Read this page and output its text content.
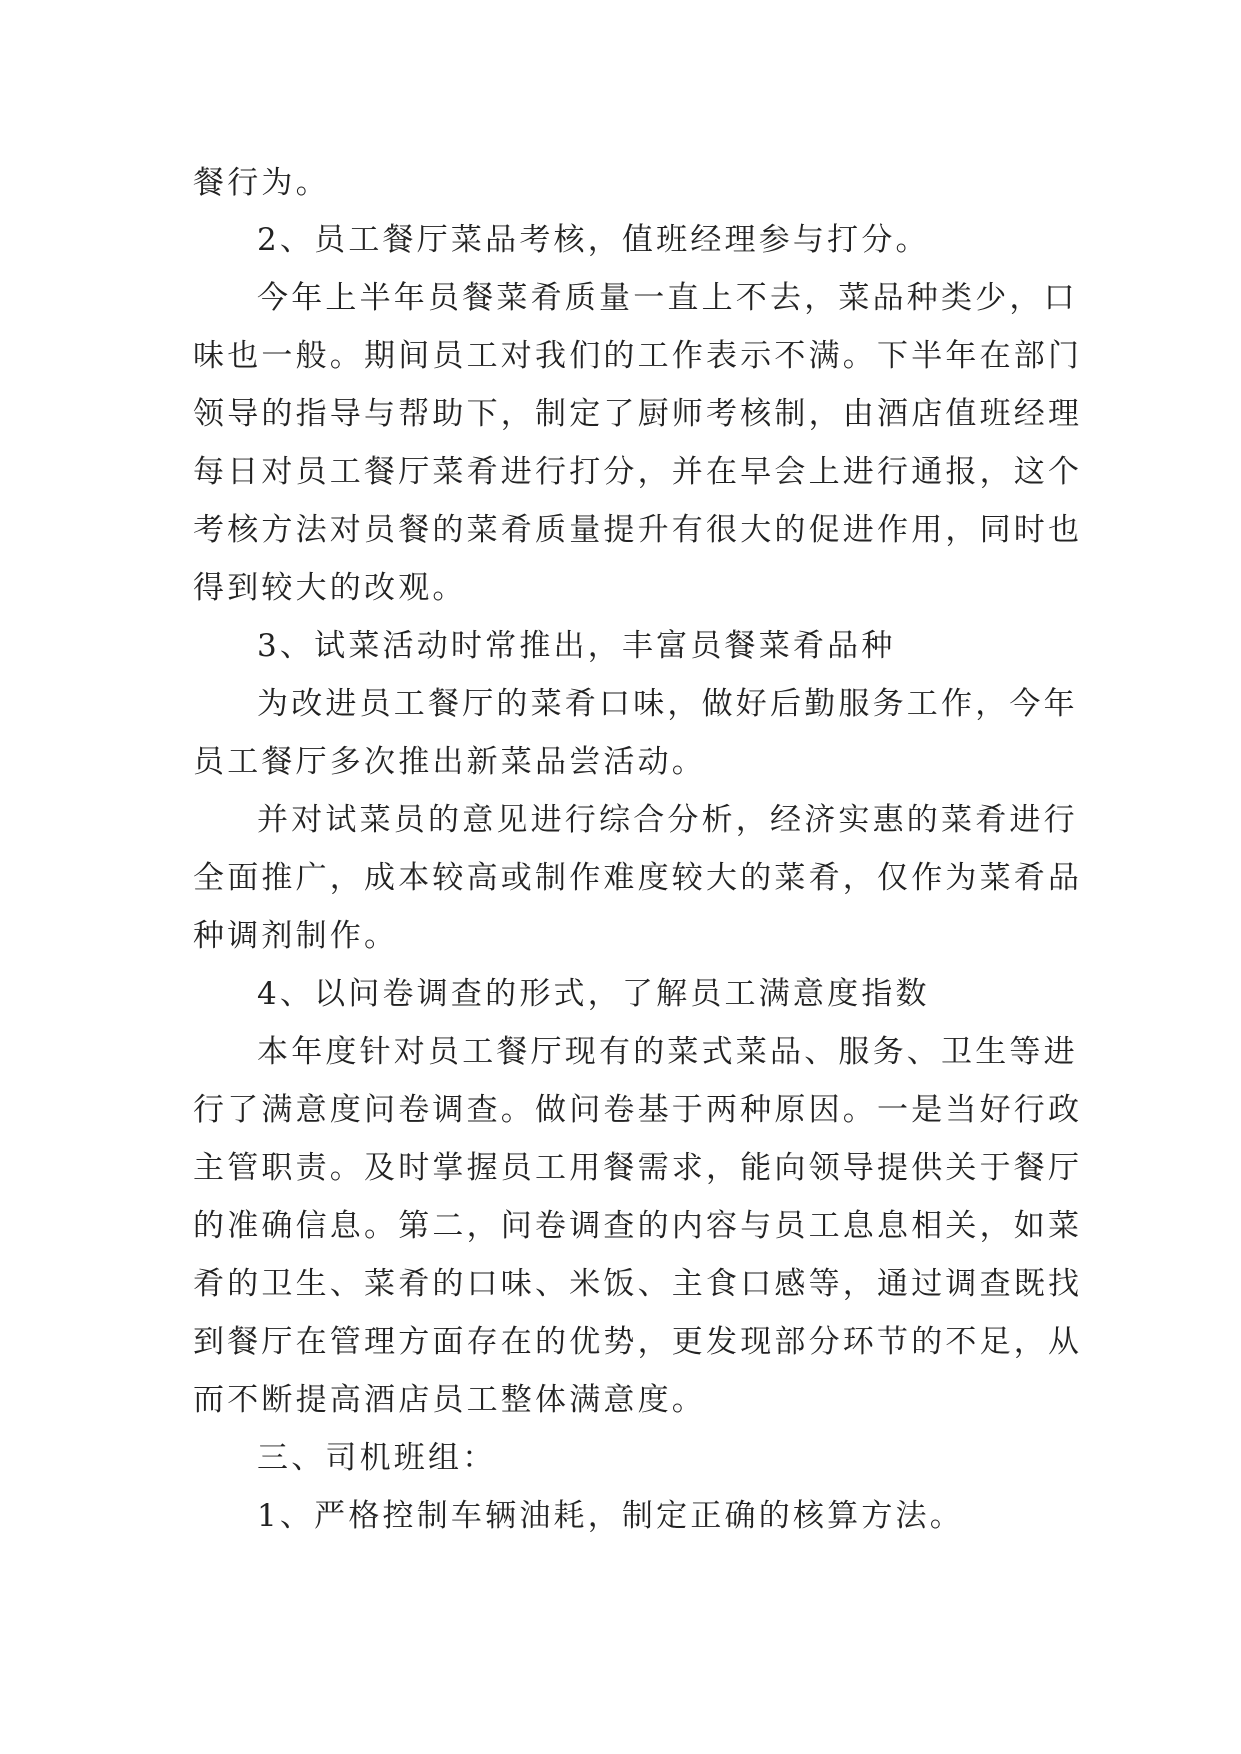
餐行为。
2、员工餐厅菜品考核，值班经理参与打分。
今年上半年员餐菜肴质量一直上不去，菜品种类少，口
味也一般。期间员工对我们的工作表示不满。下半年在部门
领导的指导与帮助下，制定了厨师考核制，由酒店值班经理
每日对员工餐厅菜肴进行打分，并在早会上进行通报，这个
考核方法对员餐的菜肴质量提升有很大的促进作用，同时也
得到较大的改观。
3、试菜活动时常推出，丰富员餐菜肴品种
为改进员工餐厅的菜肴口味，做好后勤服务工作，今年
员工餐厅多次推出新菜品尝活动。
并对试菜员的意见进行综合分析，经济实惠的菜肴进行
全面推广，成本较高或制作难度较大的菜肴，仅作为菜肴品
种调剂制作。
4、以问卷调查的形式，了解员工满意度指数
本年度针对员工餐厅现有的菜式菜品、服务、卫生等进
行了满意度问卷调查。做问卷基于两种原因。一是当好行政
主管职责。及时掌握员工用餐需求，能向领导提供关于餐厅
的准确信息。第二，问卷调查的内容与员工息息相关，如菜
肴的卫生、菜肴的口味、米饭、主食口感等，通过调查既找
到餐厅在管理方面存在的优势，更发现部分环节的不足，从
而不断提高酒店员工整体满意度。
三、司机班组：
1、严格控制车辆油耗，制定正确的核算方法。
